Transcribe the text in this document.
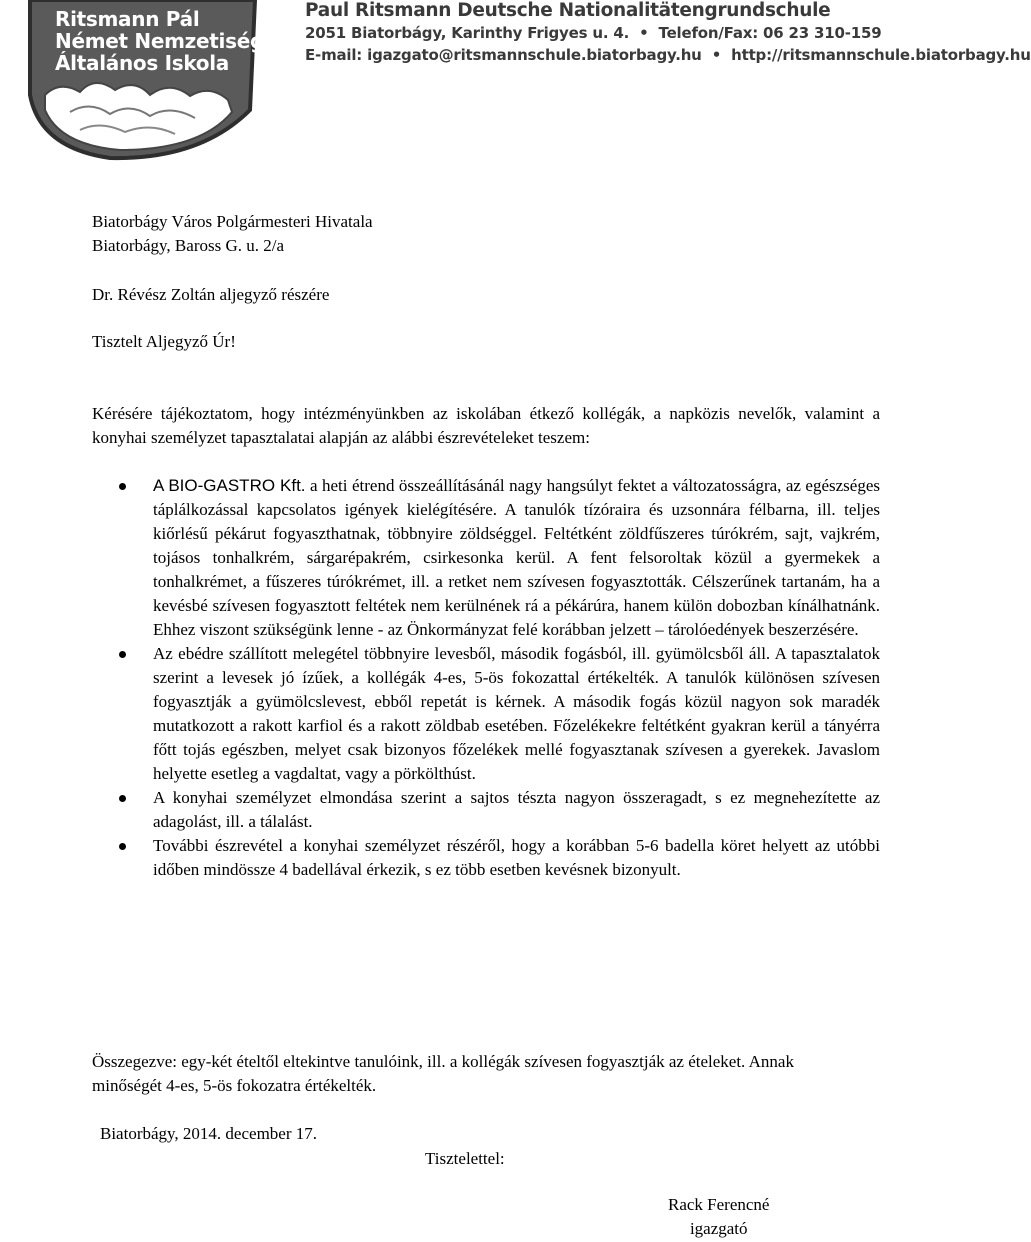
Ritsmann Pál
Német Nemzetiségi
Általános Iskola
Paul Ritsmann Deutsche Nationalitätengrundschule
2051 Biatorbágy, Karinthy Frigyes u. 4. • Telefon/Fax: 06 23 310-159
E-mail: igazgato@ritsmannschule.biatorbagy.hu • http://ritsmannschule.biatorbagy.hu
Biatorbágy Város Polgármesteri Hivatala
Biatorbágy, Baross G. u. 2/a
Dr. Révész Zoltán aljegyző részére
Tisztelt Aljegyző Úr!
Kérésére tájékoztatom, hogy intézményünkben az iskolában étkező kollégák, a napközis nevelők, valamint a konyhai személyzet tapasztalatai alapján az alábbi észrevételeket teszem:
A BIO-GASTRO Kft. a heti étrend összeállításánál nagy hangsúlyt fektet a változatosságra, az egészséges táplálkozással kapcsolatos igények kielégítésére. A tanulók tízóraira és uzsonnára félbarna, ill. teljes kiőrlésű pékárut fogyaszthatnak, többnyire zöldséggel. Feltétként zöldfűszeres túrókrém, sajt, vajkrém, tojásos tonhalkrém, sárgarépakrém, csirkesonka kerül. A fent felsoroltak közül a gyermekek a tonhalkrémet, a fűszeres túrókrémet, ill. a retket nem szívesen fogyasztották. Célszerűnek tartanám, ha a kevésbé szívesen fogyasztott feltétek nem kerülnének rá a pékárúra, hanem külön dobozban kínálhatnánk. Ehhez viszont szükségünk lenne - az Önkormányzat felé korábban jelzett – tárolóedények beszerzésére.
Az ebédre szállított melegétel többnyire levesből, második fogásból, ill. gyümölcsből áll. A tapasztalatok szerint a levesek jó ízűek, a kollégák 4-es, 5-ös fokozattal értékelték. A tanulók különösen szívesen fogyasztják a gyümölcslevest, ebből repetát is kérnek. A második fogás közül nagyon sok maradék mutatkozott a rakott karfiol és a rakott zöldbab esetében. Főzelékekre feltétként gyakran kerül a tányérra főtt tojás egészben, melyet csak bizonyos főzelékek mellé fogyasztanak szívesen a gyerekek. Javaslom helyette esetleg a vagdaltat, vagy a pörkölthúst.
A konyhai személyzet elmondása szerint a sajtos tészta nagyon összeragadt, s ez megnehezítette az adagolást, ill. a tálalást.
További észrevétel a konyhai személyzet részéről, hogy a korábban 5-6 badella köret helyett az utóbbi időben mindössze 4 badellával érkezik, s ez több esetben kevésnek bizonyult.
Összegezve: egy-két ételtől eltekintve tanulóink, ill. a kollégák szívesen fogyasztják az ételeket. Annak minőségét 4-es, 5-ös fokozatra értékelték.
Biatorbágy, 2014. december 17.
Tisztelettel:
Rack Ferencné
igazgató
